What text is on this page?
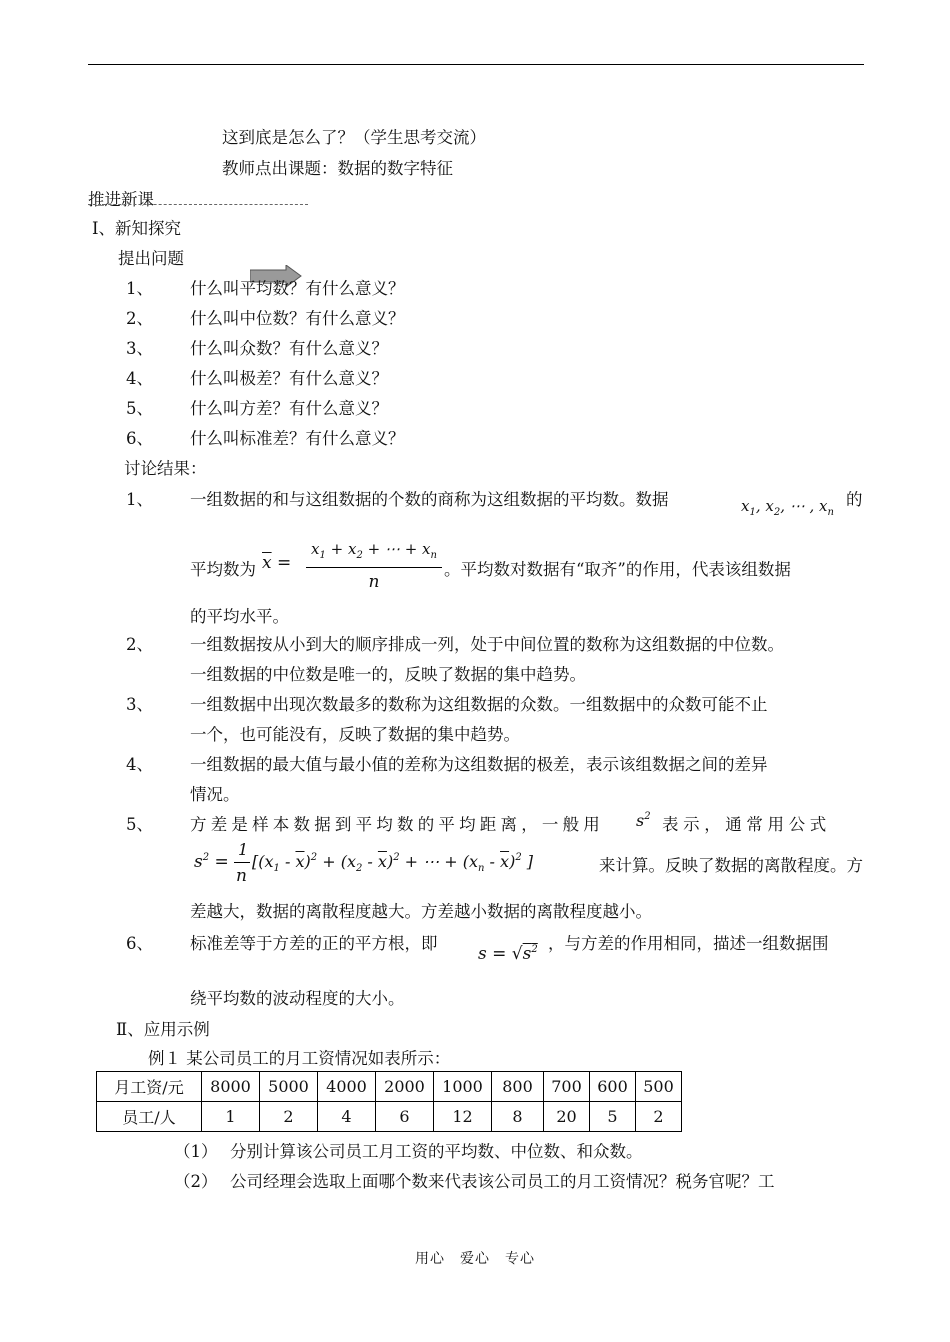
这到底是怎么了？（学生思考交流）
教师点出课题：数据的数字特征
推进新课
Ⅰ、新知探究
提出问题
1、 什么叫平均数？有什么意义？
2、 什么叫中位数？有什么意义？
3、 什么叫众数？有什么意义？
4、 什么叫极差？有什么意义？
5、 什么叫方差？有什么意义？
6、 什么叫标准差？有什么意义？
讨论结果：
1、 一组数据的和与这组数据的个数的商称为这组数据的平均数。数据	$x_1$, $x_2$, ⋯ , $x_n$
的
平均数为 $\overline{x}$ =
$x_1 + x_2$ + ⋯ + $x_n$
n
。平均数对数据有“取齐”的作用，代表该组数据
的平均水平。
2、 一组数据按从小到大的顺序排成一列，处于中间位置的数称为这组数据的中位数。
一组数据的中位数是唯一的，反映了数据的集中趋势。
3、 一组数据中出现次数最多的数称为这组数据的众数。一组数据中的众数可能不止
一个，也可能没有，反映了数据的集中趋势。
4、 一组数据的最大值与最小值的差称为这组数据的极差，表示该组数据之间的差异
情况。
5、 方差是样本数据到平均数的平均距离，一般用 $s^2$ 表示，通常用公式
$s^2$ =
1
n
[$(x_1 - \overline{x})^2 + (x_2 - \overline{x})^2$ + ⋯ + $(x_n - \overline{x})^2$ ]	来计算。反映了数据的离散程度。方
差越大，数据的离散程度越大。方差越小数据的离散程度越小。
6、 标准差等于方差的正的平方根，即
$s = √s^2$ ，与方差的作用相同，描述一组数据围
绕平均数的波动程度的大小。
Ⅱ、应用示例
例１ 某公司员工的月工资情况如表所示：
月工资/元	8000	5000	4000	2000	1000	800	700	600	500
员工/人	1	2	4	6	12	8	20	5	2
（1） 分别计算该公司员工月工资的平均数、中位数、和众数。
（2） 公司经理会选取上面哪个数来代表该公司员工的月工资情况？税务官呢？工
用心　爱心　专心
